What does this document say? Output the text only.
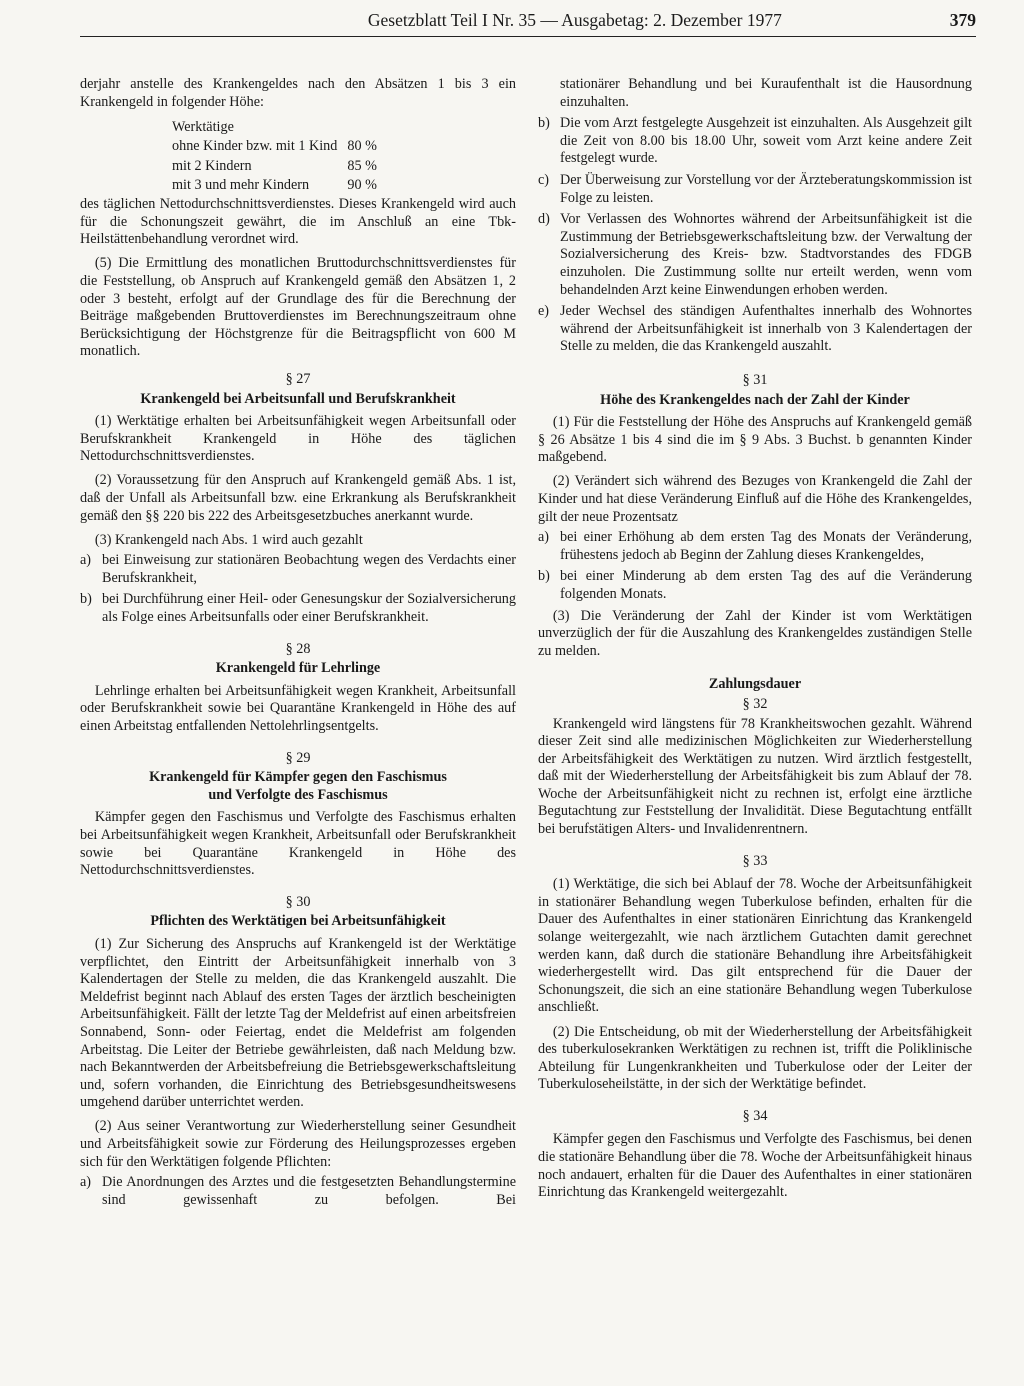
Gesetzblatt Teil I Nr. 35 — Ausgabetag: 2. Dezember 1977	379

derjahr anstelle des Krankengeldes nach den Absätzen 1 bis 3 ein Krankengeld in folgender Höhe:

Werktätige
ohne Kinder bzw. mit 1 Kind	80 %
mit 2 Kindern	85 %
mit 3 und mehr Kindern	90 %

des täglichen Nettodurchschnittsverdienstes. Dieses Krankengeld wird auch für die Schonungszeit gewährt, die im Anschluß an eine Tbk-Heilstättenbehandlung verordnet wird.

(5) Die Ermittlung des monatlichen Bruttodurchschnittsverdienstes für die Feststellung, ob Anspruch auf Krankengeld gemäß den Absätzen 1, 2 oder 3 besteht, erfolgt auf der Grundlage des für die Berechnung der Beiträge maßgebenden Bruttoverdienstes im Berechnungszeitraum ohne Berücksichtigung der Höchstgrenze für die Beitragspflicht von 600 M monatlich.

§ 27
Krankengeld bei Arbeitsunfall und Berufskrankheit

(1) Werktätige erhalten bei Arbeitsunfähigkeit wegen Arbeitsunfall oder Berufskrankheit Krankengeld in Höhe des täglichen Nettodurchschnittsverdienstes.

(2) Voraussetzung für den Anspruch auf Krankengeld gemäß Abs. 1 ist, daß der Unfall als Arbeitsunfall bzw. eine Erkrankung als Berufskrankheit gemäß den §§ 220 bis 222 des Arbeitsgesetzbuches anerkannt wurde.

(3) Krankengeld nach Abs. 1 wird auch gezahlt

a) bei Einweisung zur stationären Beobachtung wegen des Verdachts einer Berufskrankheit,
b) bei Durchführung einer Heil- oder Genesungskur der Sozialversicherung als Folge eines Arbeitsunfalls oder einer Berufskrankheit.
§ 28
Krankengeld für Lehrlinge

Lehrlinge erhalten bei Arbeitsunfähigkeit wegen Krankheit, Arbeitsunfall oder Berufskrankheit sowie bei Quarantäne Krankengeld in Höhe des auf einen Arbeitstag entfallenden Nettolehrlingsentgelts.

§ 29
Krankengeld für Kämpfer gegen den Faschismus
und Verfolgte des Faschismus

Kämpfer gegen den Faschismus und Verfolgte des Faschismus erhalten bei Arbeitsunfähigkeit wegen Krankheit, Arbeitsunfall oder Berufskrankheit sowie bei Quarantäne Krankengeld in Höhe des Nettodurchschnittsverdienstes.

§ 30
Pflichten des Werktätigen bei Arbeitsunfähigkeit

(1) Zur Sicherung des Anspruchs auf Krankengeld ist der Werktätige verpflichtet, den Eintritt der Arbeitsunfähigkeit innerhalb von 3 Kalendertagen der Stelle zu melden, die das Krankengeld auszahlt. Die Meldefrist beginnt nach Ablauf des ersten Tages der ärztlich bescheinigten Arbeitsunfähigkeit. Fällt der letzte Tag der Meldefrist auf einen arbeitsfreien Sonnabend, Sonn- oder Feiertag, endet die Meldefrist am folgenden Arbeitstag. Die Leiter der Betriebe gewährleisten, daß nach Meldung bzw. nach Bekanntwerden der Arbeitsbefreiung die Betriebsgewerkschaftsleitung und, sofern vorhanden, die Einrichtung des Betriebsgesundheitswesens umgehend darüber unterrichtet werden.

(2) Aus seiner Verantwortung zur Wiederherstellung seiner Gesundheit und Arbeitsfähigkeit sowie zur Förderung des Heilungsprozesses ergeben sich für den Werktätigen folgende Pflichten:

a) Die Anordnungen des Arztes und die festgesetzten Behandlungstermine sind gewissenhaft zu befolgen. Bei
stationärer Behandlung und bei Kuraufenthalt ist die Hausordnung einzuhalten.
b) Die vom Arzt festgelegte Ausgehzeit ist einzuhalten. Als Ausgehzeit gilt die Zeit von 8.00 bis 18.00 Uhr, soweit vom Arzt keine andere Zeit festgelegt wurde.
c) Der Überweisung zur Vorstellung vor der Ärzteberatungskommission ist Folge zu leisten.
d) Vor Verlassen des Wohnortes während der Arbeitsunfähigkeit ist die Zustimmung der Betriebsgewerkschaftsleitung bzw. der Verwaltung der Sozialversicherung des Kreis- bzw. Stadtvorstandes des FDGB einzuholen. Die Zustimmung sollte nur erteilt werden, wenn vom behandelnden Arzt keine Einwendungen erhoben werden.
e) Jeder Wechsel des ständigen Aufenthaltes innerhalb des Wohnortes während der Arbeitsunfähigkeit ist innerhalb von 3 Kalendertagen der Stelle zu melden, die das Krankengeld auszahlt.
§ 31
Höhe des Krankengeldes nach der Zahl der Kinder

(1) Für die Feststellung der Höhe des Anspruchs auf Krankengeld gemäß § 26 Absätze 1 bis 4 sind die im § 9 Abs. 3 Buchst. b genannten Kinder maßgebend.

(2) Verändert sich während des Bezuges von Krankengeld die Zahl der Kinder und hat diese Veränderung Einfluß auf die Höhe des Krankengeldes, gilt der neue Prozentsatz

a) bei einer Erhöhung ab dem ersten Tag des Monats der Veränderung, frühestens jedoch ab Beginn der Zahlung dieses Krankengeldes,
b) bei einer Minderung ab dem ersten Tag des auf die Veränderung folgenden Monats.

(3) Die Veränderung der Zahl der Kinder ist vom Werktätigen unverzüglich der für die Auszahlung des Krankengeldes zuständigen Stelle zu melden.

Zahlungsdauer
§ 32

Krankengeld wird längstens für 78 Krankheitswochen gezahlt. Während dieser Zeit sind alle medizinischen Möglichkeiten zur Wiederherstellung der Arbeitsfähigkeit des Werktätigen zu nutzen. Wird ärztlich festgestellt, daß mit der Wiederherstellung der Arbeitsfähigkeit bis zum Ablauf der 78. Woche der Arbeitsunfähigkeit nicht zu rechnen ist, erfolgt eine ärztliche Begutachtung zur Feststellung der Invalidität. Diese Begutachtung entfällt bei berufstätigen Alters- und Invalidenrentnern.

§ 33

(1) Werktätige, die sich bei Ablauf der 78. Woche der Arbeitsunfähigkeit in stationärer Behandlung wegen Tuberkulose befinden, erhalten für die Dauer des Aufenthaltes in einer stationären Einrichtung das Krankengeld solange weitergezahlt, wie nach ärztlichem Gutachten damit gerechnet werden kann, daß durch die stationäre Behandlung ihre Arbeitsfähigkeit wiederhergestellt wird. Das gilt entsprechend für die Dauer der Schonungszeit, die sich an eine stationäre Behandlung wegen Tuberkulose anschließt.

(2) Die Entscheidung, ob mit der Wiederherstellung der Arbeitsfähigkeit des tuberkulosekranken Werktätigen zu rechnen ist, trifft die Poliklinische Abteilung für Lungenkrankheiten und Tuberkulose oder der Leiter der Tuberkuloseheilstätte, in der sich der Werktätige befindet.

§ 34

Kämpfer gegen den Faschismus und Verfolgte des Faschismus, bei denen die stationäre Behandlung über die 78. Woche der Arbeitsunfähigkeit hinaus noch andauert, erhalten für die Dauer des Aufenthaltes in einer stationären Einrichtung das Krankengeld weitergezahlt.
